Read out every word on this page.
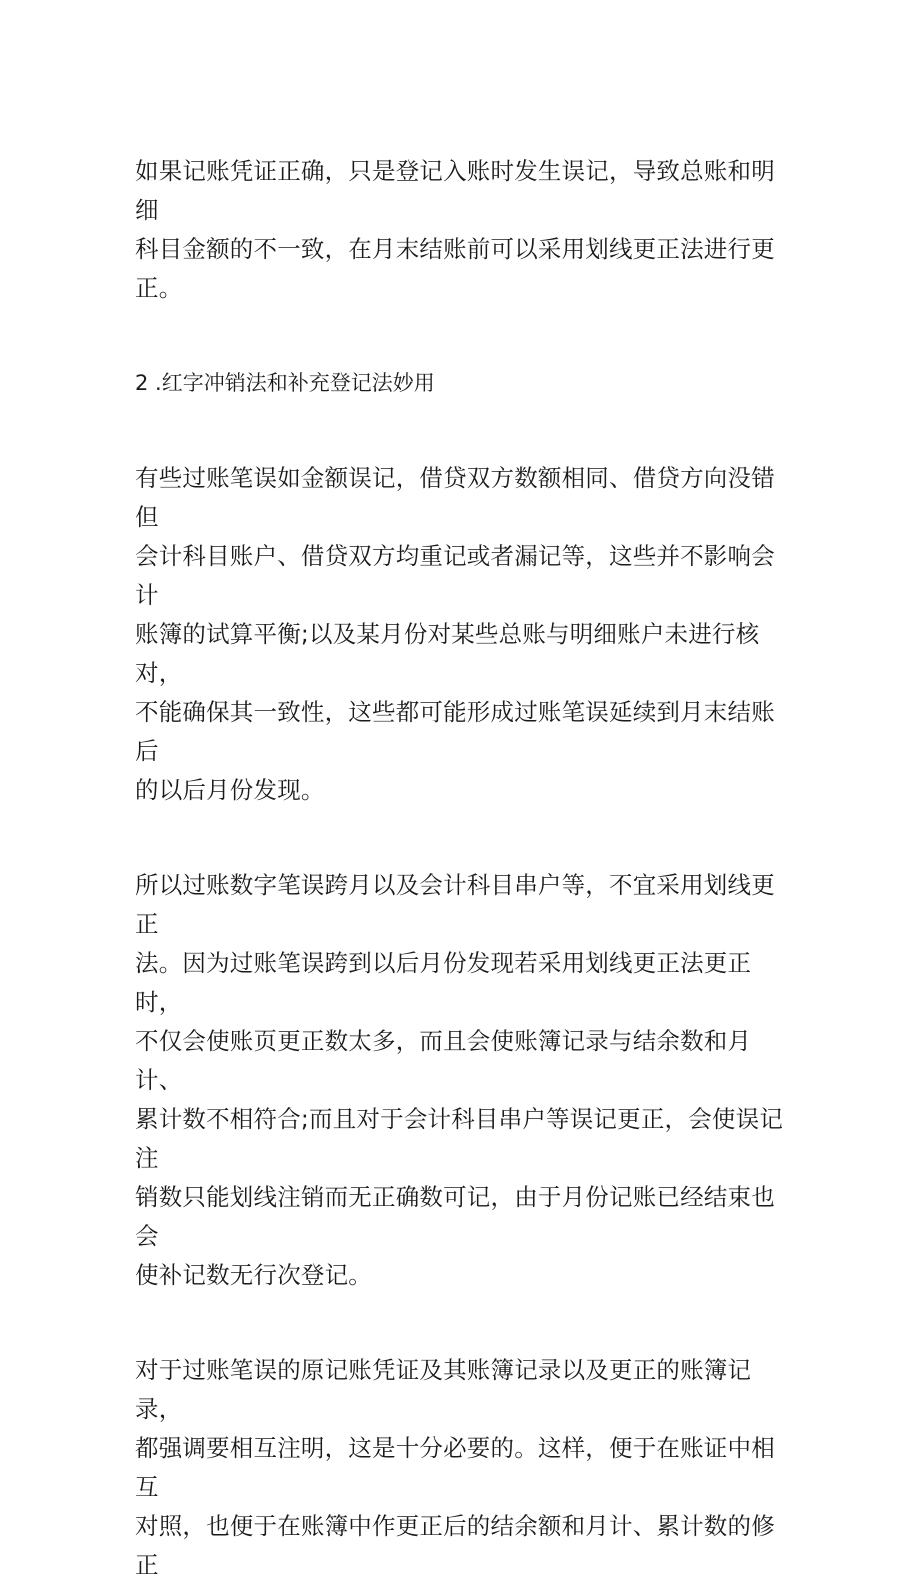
如果记账凭证正确，只是登记入账时发生误记，导致总账和明细
科目金额的不一致，在月末结账前可以采用划线更正法进行更正。

2 .红字冲销法和补充登记法妙用

有些过账笔误如金额误记，借贷双方数额相同、借贷方向没错但
会计科目账户、借贷双方均重记或者漏记等，这些并不影响会计
账簿的试算平衡;以及某月份对某些总账与明细账户未进行核对，
不能确保其一致性，这些都可能形成过账笔误延续到月末结账后
的以后月份发现。

所以过账数字笔误跨月以及会计科目串户等，不宜采用划线更正
法。因为过账笔误跨到以后月份发现若采用划线更正法更正时，
不仅会使账页更正数太多，而且会使账簿记录与结余数和月计、
累计数不相符合;而且对于会计科目串户等误记更正，会使误记注
销数只能划线注销而无正确数可记，由于月份记账已经结束也会
使补记数无行次登记。

对于过账笔误的原记账凭证及其账簿记录以及更正的账簿记录，
都强调要相互注明，这是十分必要的。这样，便于在账证中相互
对照，也便于在账簿中作更正后的结余额和月计、累计数的修正
